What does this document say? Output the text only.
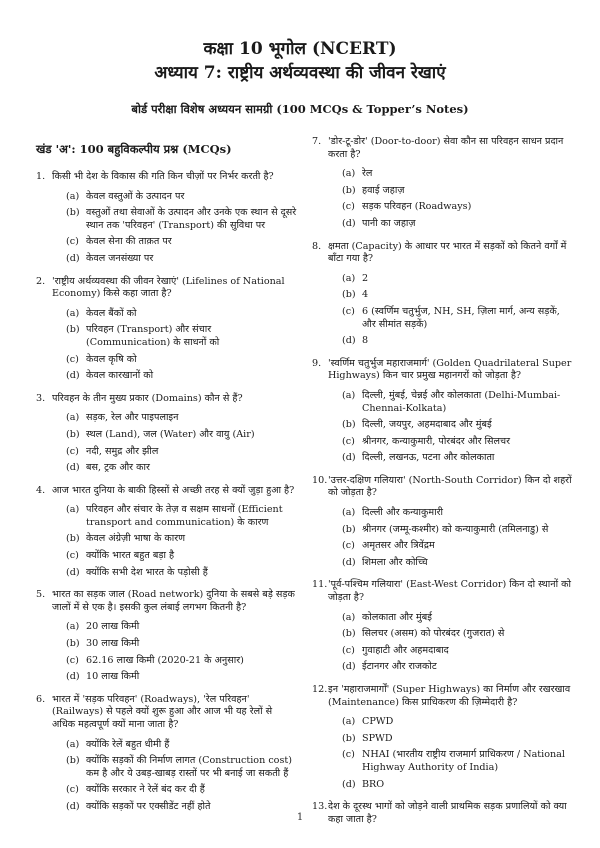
कक्षा 10 भूगोल (NCERT)
अध्याय 7: राष्ट्रीय अर्थव्यवस्था की जीवन रेखाएं
बोर्ड परीक्षा विशेष अध्ययन सामग्री (100 MCQs & Topper’s Notes)
खंड 'अ': 100 बहुविकल्पीय प्रश्न (MCQs)
1. किसी भी देश के विकास की गति किन चीज़ों पर निर्भर करती है?
(a) केवल वस्तुओं के उत्पादन पर
(b) वस्तुओं तथा सेवाओं के उत्पादन और उनके एक स्थान से दूसरे स्थान तक 'परिवहन' (Transport) की सुविधा पर
(c) केवल सेना की ताक़त पर
(d) केवल जनसंख्या पर
2. 'राष्ट्रीय अर्थव्यवस्था की जीवन रेखाएं' (Lifelines of National Economy) किसे कहा जाता है?
(a) केवल बैंकों को
(b) परिवहन (Transport) और संचार (Communication) के साधनों को
(c) केवल कृषि को
(d) केवल कारखानों को
3. परिवहन के तीन मुख्य प्रकार (Domains) कौन से हैं?
(a) सड़क, रेल और पाइपलाइन
(b) स्थल (Land), जल (Water) और वायु (Air)
(c) नदी, समुद्र और झील
(d) बस, ट्रक और कार
4. आज भारत दुनिया के बाकी हिस्सों से अच्छी तरह से क्यों जुड़ा हुआ है?
(a) परिवहन और संचार के तेज़ व सक्षम साधनों (Efficient transport and communication) के कारण
(b) केवल अंग्रेज़ी भाषा के कारण
(c) क्योंकि भारत बहुत बड़ा है
(d) क्योंकि सभी देश भारत के पड़ोसी हैं
5. भारत का सड़क जाल (Road network) दुनिया के सबसे बड़े सड़क जालों में से एक है। इसकी कुल लंबाई लगभग कितनी है?
(a) 20 लाख किमी
(b) 30 लाख किमी
(c) 62.16 लाख किमी (2020-21 के अनुसार)
(d) 10 लाख किमी
6. भारत में 'सड़क परिवहन' (Roadways), 'रेल परिवहन' (Railways) से पहले क्यों शुरू हुआ और आज भी यह रेलों से अधिक महत्वपूर्ण क्यों माना जाता है?
(a) क्योंकि रेलें बहुत धीमी हैं
(b) क्योंकि सड़कों की निर्माण लागत (Construction cost) कम है और ये उबड़-खाबड़ रास्तों पर भी बनाई जा सकती हैं
(c) क्योंकि सरकार ने रेलें बंद कर दी हैं
(d) क्योंकि सड़कों पर एक्सीडेंट नहीं होते
7. 'डोर-टू-डोर' (Door-to-door) सेवा कौन सा परिवहन साधन प्रदान करता है?
(a) रेल
(b) हवाई जहाज़
(c) सड़क परिवहन (Roadways)
(d) पानी का जहाज़
8. क्षमता (Capacity) के आधार पर भारत में सड़कों को कितने वर्गों में बाँटा गया है?
(a) 2
(b) 4
(c) 6 (स्वर्णिम चतुर्भुज, NH, SH, ज़िला मार्ग, अन्य सड़कें, और सीमांत सड़कें)
(d) 8
9. 'स्वर्णिम चतुर्भुज महाराजमार्ग' (Golden Quadrilateral Super Highways) किन चार प्रमुख महानगरों को जोड़ता है?
(a) दिल्ली, मुंबई, चेन्नई और कोलकाता (Delhi-Mumbai-Chennai-Kolkata)
(b) दिल्ली, जयपुर, अहमदाबाद और मुंबई
(c) श्रीनगर, कन्याकुमारी, पोरबंदर और सिलचर
(d) दिल्ली, लखनऊ, पटना और कोलकाता
10. 'उत्तर-दक्षिण गलियारा' (North-South Corridor) किन दो शहरों को जोड़ता है?
(a) दिल्ली और कन्याकुमारी
(b) श्रीनगर (जम्मू-कश्मीर) को कन्याकुमारी (तमिलनाडु) से
(c) अमृतसर और त्रिवेंद्रम
(d) शिमला और कोच्चि
11. 'पूर्व-पश्चिम गलियारा' (East-West Corridor) किन दो स्थानों को जोड़ता है?
(a) कोलकाता और मुंबई
(b) सिलचर (असम) को पोरबंदर (गुजरात) से
(c) गुवाहाटी और अहमदाबाद
(d) ईटानगर और राजकोट
12. इन 'महाराजमार्गों' (Super Highways) का निर्माण और रखरखाव (Maintenance) किस प्राधिकरण की ज़िम्मेदारी है?
(a) CPWD
(b) SPWD
(c) NHAI (भारतीय राष्ट्रीय राजमार्ग प्राधिकरण / National Highway Authority of India)
(d) BRO
13. देश के दूरस्थ भागों को जोड़ने वाली प्राथमिक सड़क प्रणालियों को क्या कहा जाता है?
1
